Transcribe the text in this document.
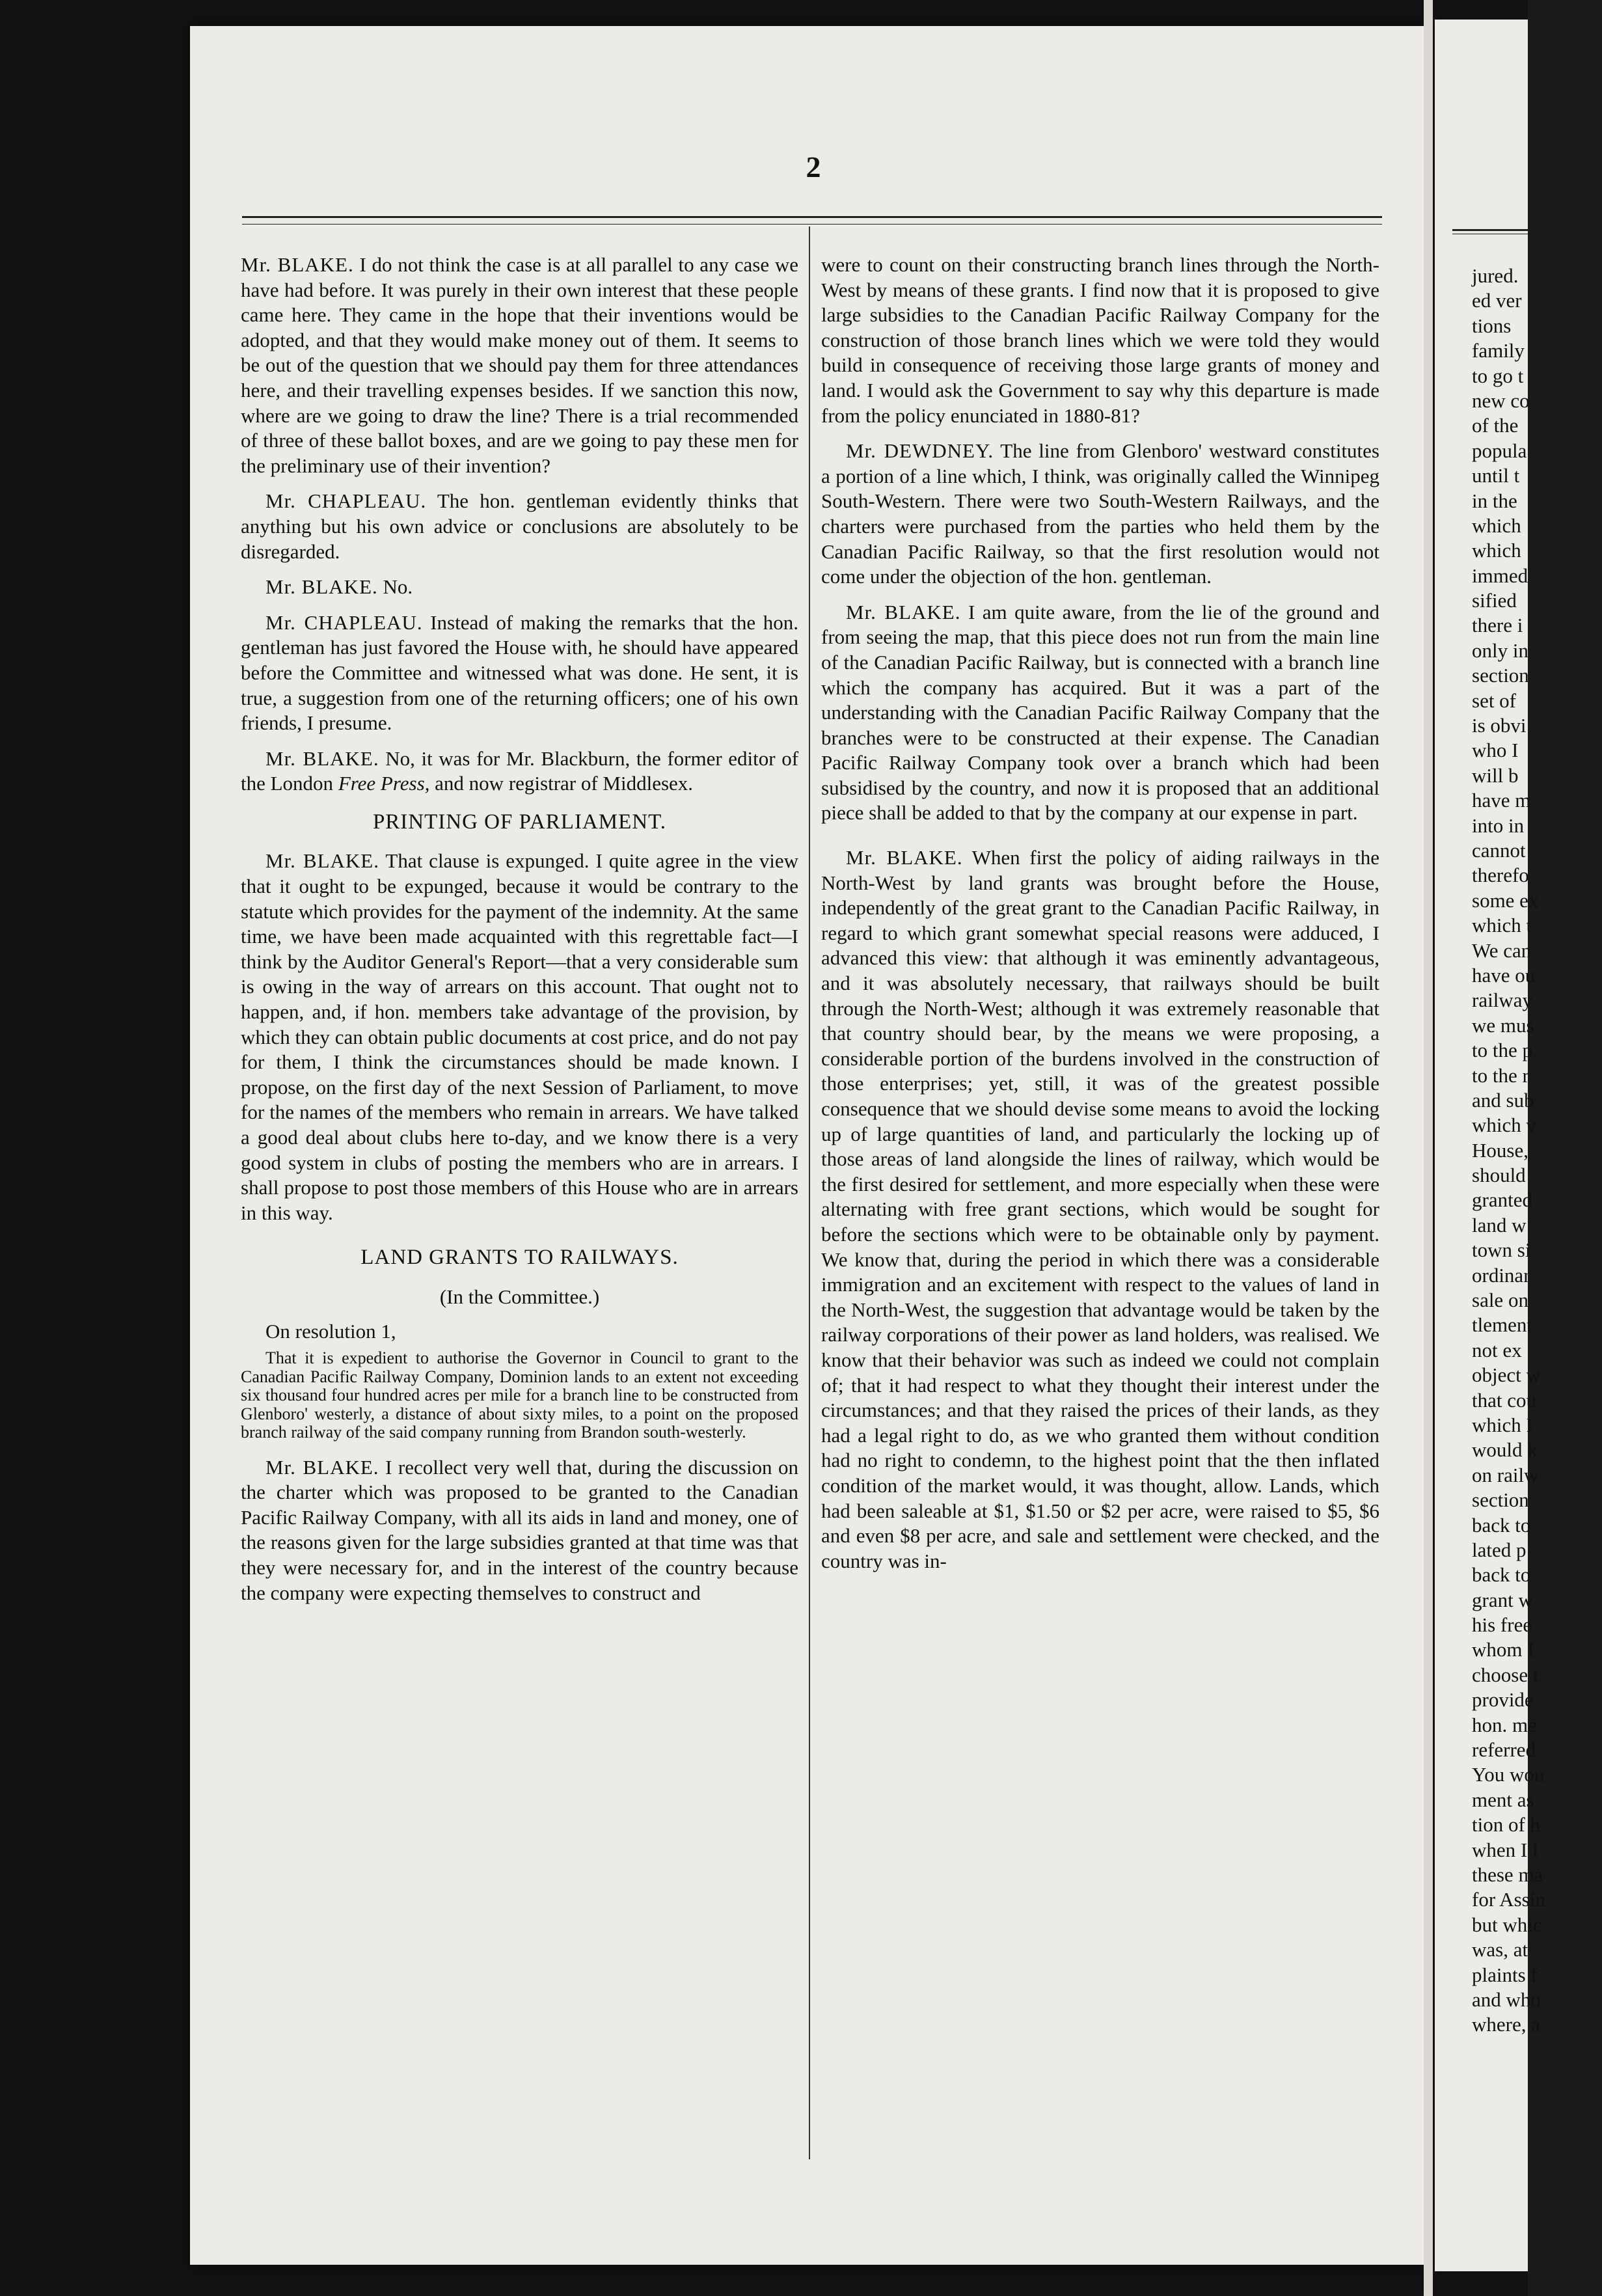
jured.
ed ver
tions
family
to go t
new co
of the
popula
until t
in the
which
which
immed
sified
there i
only in
section
set of
is obvi
who I
will b
have m
into in
cannot
therefo
some ex
which t
We can
have ou
railway
we mus
to the p
to the r
and sub
which v
House,
should
granted
land w
town si
ordinar
sale on
tlement
not ex
object w
that cou
which I
would k
on railw
section
back to
lated p
back to
grant w
his free
whom I
choose t
provide
hon. me
referred
You wou
ment as
tion of h
when I l
these ma
for Assin
but whic
was, at
plaints f
and who
where, a
2

Mr. BLAKE. I do not think the case is at all parallel to any case we have had before. It was purely in their own interest that these people came here. They came in the hope that their inventions would be adopted, and that they would make money out of them. It seems to be out of the question that we should pay them for three attendances here, and their travelling expenses besides. If we sanction this now, where are we going to draw the line? There is a trial recommended of three of these ballot boxes, and are we going to pay these men for the preliminary use of their invention?

Mr. CHAPLEAU. The hon. gentleman evidently thinks that anything but his own advice or conclusions are absolutely to be disregarded.

Mr. BLAKE. No.

Mr. CHAPLEAU. Instead of making the remarks that the hon. gentleman has just favored the House with, he should have appeared before the Committee and witnessed what was done. He sent, it is true, a suggestion from one of the returning officers; one of his own friends, I presume.

Mr. BLAKE. No, it was for Mr. Blackburn, the former editor of the London Free Press, and now registrar of Middlesex.

PRINTING OF PARLIAMENT.

Mr. BLAKE. That clause is expunged. I quite agree in the view that it ought to be expunged, because it would be contrary to the statute which provides for the payment of the indemnity. At the same time, we have been made acquainted with this regrettable fact—I think by the Auditor General's Report—that a very considerable sum is owing in the way of arrears on this account. That ought not to happen, and, if hon. members take advantage of the provision, by which they can obtain public documents at cost price, and do not pay for them, I think the circumstances should be made known. I propose, on the first day of the next Session of Parliament, to move for the names of the members who remain in arrears. We have talked a good deal about clubs here to-day, and we know there is a very good system in clubs of posting the members who are in arrears. I shall propose to post those members of this House who are in arrears in this way.

LAND GRANTS TO RAILWAYS.

(In the Committee.)

On resolution 1,

That it is expedient to authorise the Governor in Council to grant to the Canadian Pacific Railway Company, Dominion lands to an extent not exceeding six thousand four hundred acres per mile for a branch line to be constructed from Glenboro' westerly, a distance of about sixty miles, to a point on the proposed branch railway of the said company running from Brandon south-westerly.

Mr. BLAKE. I recollect very well that, during the discussion on the charter which was proposed to be granted to the Canadian Pacific Railway Company, with all its aids in land and money, one of the reasons given for the large subsidies granted at that time was that they were necessary for, and in the interest of the country because the company were expecting themselves to construct and

were to count on their constructing branch lines through the North-West by means of these grants. I find now that it is proposed to give large subsidies to the Canadian Pacific Railway Company for the construction of those branch lines which we were told they would build in consequence of receiving those large grants of money and land. I would ask the Government to say why this departure is made from the policy enunciated in 1880-81?

Mr. DEWDNEY. The line from Glenboro' westward constitutes a portion of a line which, I think, was originally called the Winnipeg South-Western. There were two South-Western Railways, and the charters were purchased from the parties who held them by the Canadian Pacific Railway, so that the first resolution would not come under the objection of the hon. gentleman.

Mr. BLAKE. I am quite aware, from the lie of the ground and from seeing the map, that this piece does not run from the main line of the Canadian Pacific Railway, but is connected with a branch line which the company has acquired. But it was a part of the understanding with the Canadian Pacific Railway Company that the branches were to be constructed at their expense. The Canadian Pacific Railway Company took over a branch which had been subsidised by the country, and now it is proposed that an additional piece shall be added to that by the company at our expense in part.

Mr. BLAKE. When first the policy of aiding railways in the North-West by land grants was brought before the House, independently of the great grant to the Canadian Pacific Railway, in regard to which grant somewhat special reasons were adduced, I advanced this view: that although it was eminently advantageous, and it was absolutely necessary, that railways should be built through the North-West; although it was extremely reasonable that that country should bear, by the means we were proposing, a considerable portion of the burdens involved in the construction of those enterprises; yet, still, it was of the greatest possible consequence that we should devise some means to avoid the locking up of large quantities of land, and particularly the locking up of those areas of land alongside the lines of railway, which would be the first desired for settlement, and more especially when these were alternating with free grant sections, which would be sought for before the sections which were to be obtainable only by payment. We know that, during the period in which there was a considerable immigration and an excitement with respect to the values of land in the North-West, the suggestion that advantage would be taken by the railway corporations of their power as land holders, was realised. We know that their behavior was such as indeed we could not complain of; that it had respect to what they thought their interest under the circumstances; and that they raised the prices of their lands, as they had a legal right to do, as we who granted them without condition had no right to condemn, to the highest point that the then inflated condition of the market would, it was thought, allow. Lands, which had been saleable at $1, $1.50 or $2 per acre, were raised to $5, $6 and even $8 per acre, and sale and settlement were checked, and the country was in-
